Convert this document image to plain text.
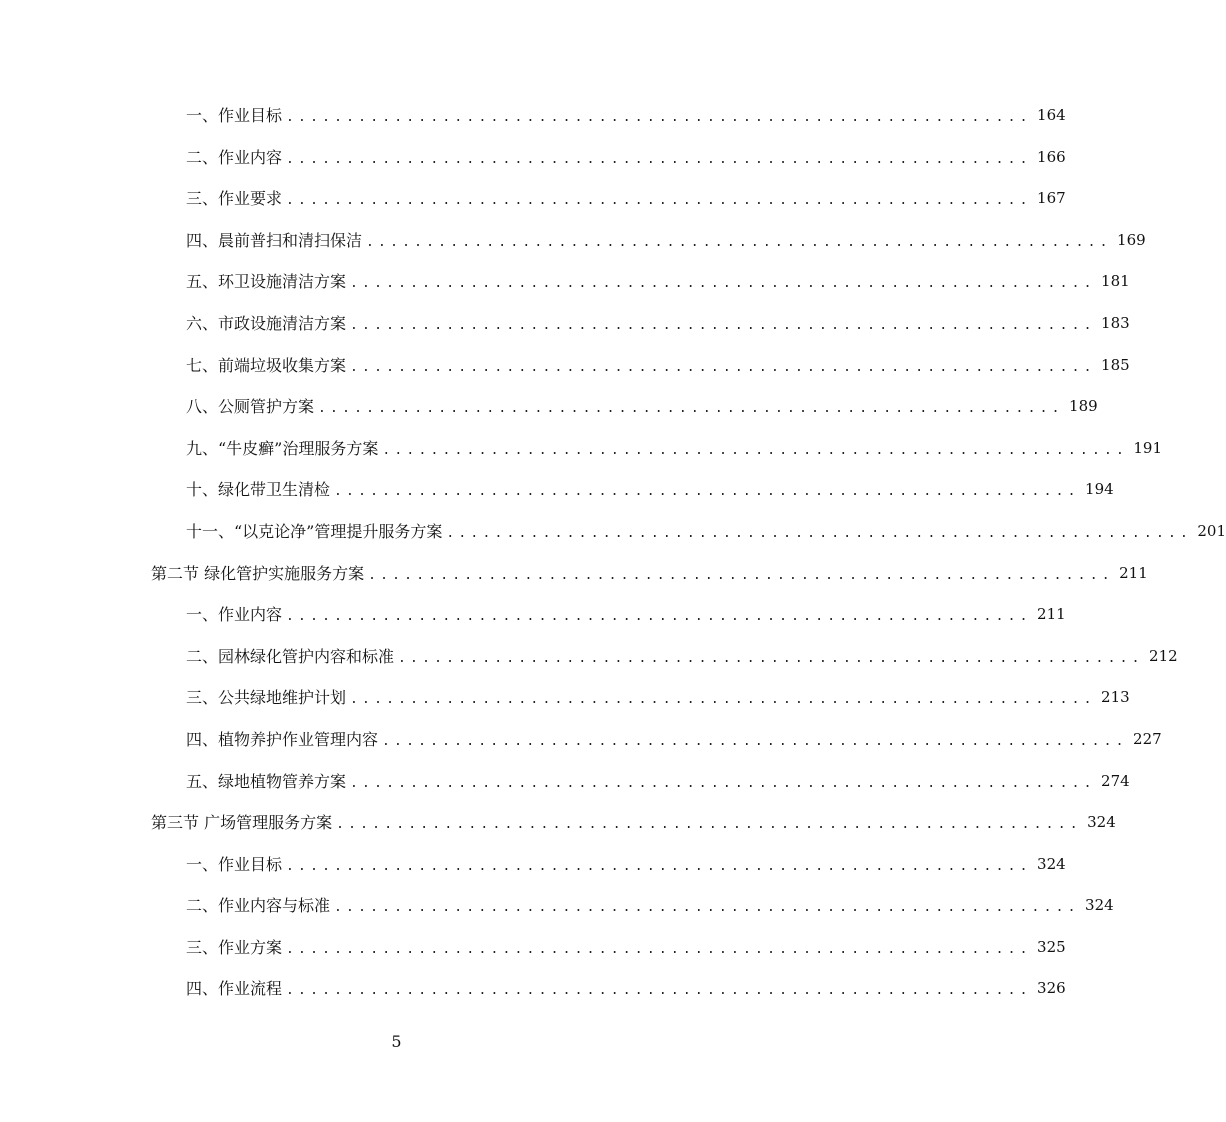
一、作业目标 .............................................................. 164
二、作业内容 .............................................................. 166
三、作业要求 .............................................................. 167
四、晨前普扫和清扫保洁 .............................................................. 169
五、环卫设施清洁方案 .............................................................. 181
六、市政设施清洁方案 .............................................................. 183
七、前端垃圾收集方案 .............................................................. 185
八、公厕管护方案 .............................................................. 189
九、“牛皮癣”治理服务方案 .............................................................. 191
十、绿化带卫生清检 .............................................................. 194
十一、“以克论净”管理提升服务方案 .............................................................. 201
第二节 绿化管护实施服务方案 .............................................................. 211
一、作业内容 .............................................................. 211
二、园林绿化管护内容和标准 .............................................................. 212
三、公共绿地维护计划 .............................................................. 213
四、植物养护作业管理内容 .............................................................. 227
五、绿地植物管养方案 .............................................................. 274
第三节 广场管理服务方案 .............................................................. 324
一、作业目标 .............................................................. 324
二、作业内容与标准 .............................................................. 324
三、作业方案 .............................................................. 325
四、作业流程 .............................................................. 326
5
